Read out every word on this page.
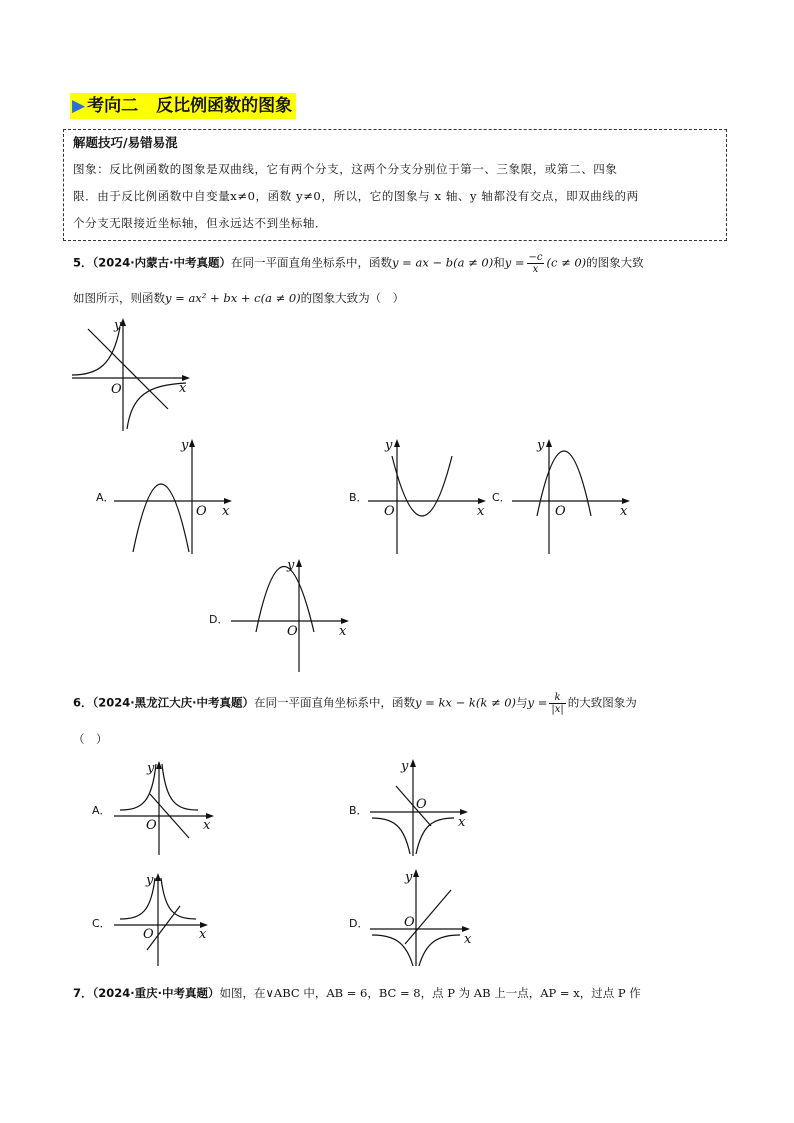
▶ 考向二 反比例函数的图象
解题技巧/易错易混
图象：反比例函数的图象是双曲线，它有两个分支，这两个分支分别位于第一、三象限，或第二、四象
限．由于反比例函数中自变量x≠0，函数 y≠0，所以，它的图象与 x 轴、y 轴都没有交点，即双曲线的两
个分支无限接近坐标轴，但永远达不到坐标轴．
5．（2024·内蒙古·中考真题）在同一平面直角坐标系中，函数y = ax − b(a ≠ 0)和$y = \frac{-c}{x} (c \ne 0)$的图象大致
如图所示，则函数y = ax² + bx + c(a ≠ 0)的图象大致为（　）
x
y
O
A．
x
y
O
B．
x
y
O
C．
x
y
O
D．
x
y
O
6．（2024·黑龙江大庆·中考真题）在同一平面直角坐标系中，函数y = kx − k(k ≠ 0)与$y = \frac{k}{|x|}$ 的大致图象为
（　）
A．
x
y
O
B．
x
y
O
C．
x
y
O
D．
x
y
O
7．（2024·重庆·中考真题）如图，在∨ABC 中，AB = 6，BC = 8，点 P 为 AB 上一点，AP = x，过点 P 作
